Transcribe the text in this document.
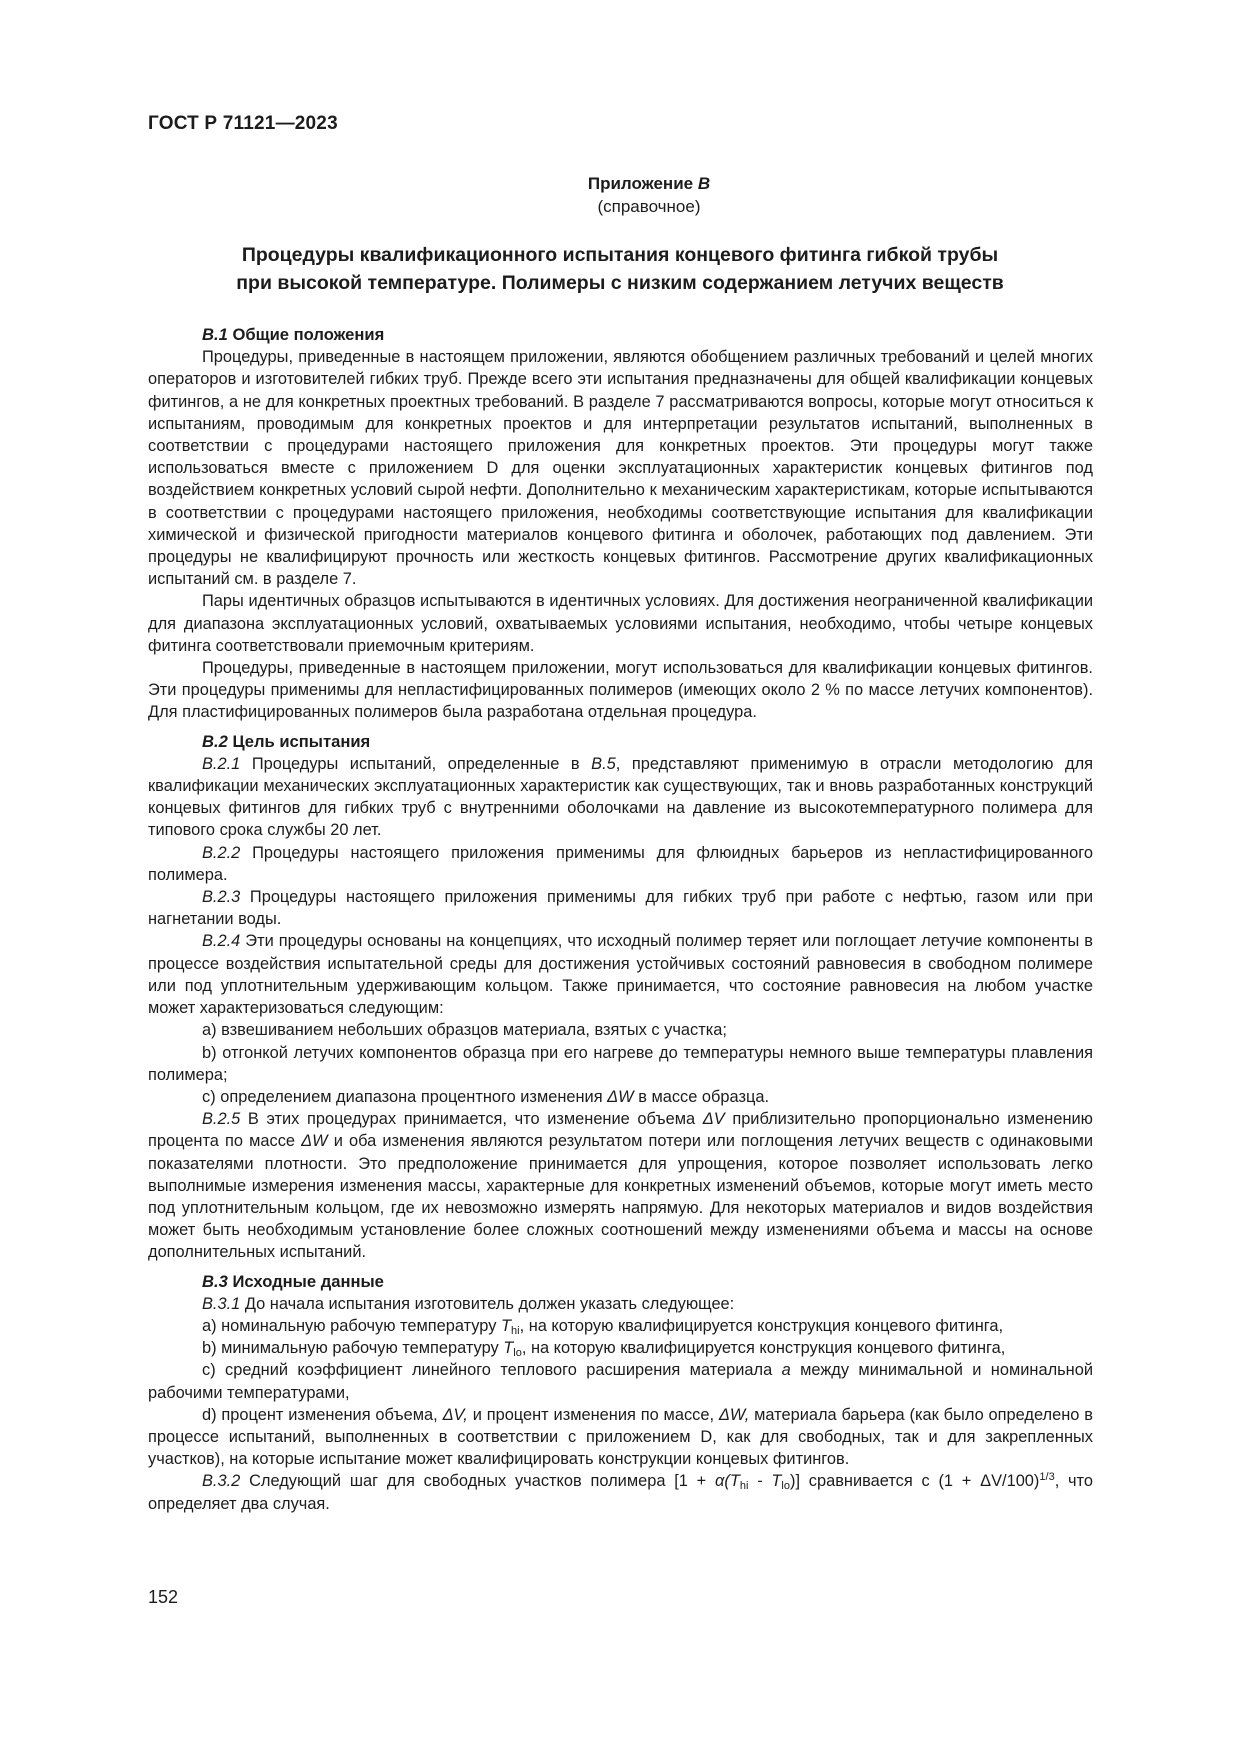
ГОСТ Р 71121—2023
Приложение В
(справочное)
Процедуры квалификационного испытания концевого фитинга гибкой трубы
при высокой температуре. Полимеры с низким содержанием летучих веществ
В.1 Общие положения

Процедуры, приведенные в настоящем приложении, являются обобщением различных требований и целей многих операторов и изготовителей гибких труб. Прежде всего эти испытания предназначены для общей квалификации концевых фитингов, а не для конкретных проектных требований. В разделе 7 рассматриваются вопросы, которые могут относиться к испытаниям, проводимым для конкретных проектов и для интерпретации результатов испытаний, выполненных в соответствии с процедурами настоящего приложения для конкретных проектов. Эти процедуры могут также использоваться вместе с приложением D для оценки эксплуатационных характеристик концевых фитингов под воздействием конкретных условий сырой нефти. Дополнительно к механическим характеристикам, которые испытываются в соответствии с процедурами настоящего приложения, необходимы соответствующие испытания для квалификации химической и физической пригодности материалов концевого фитинга и оболочек, работающих под давлением. Эти процедуры не квалифицируют прочность или жесткость концевых фитингов. Рассмотрение других квалификационных испытаний см. в разделе 7.

Пары идентичных образцов испытываются в идентичных условиях. Для достижения неограниченной квалификации для диапазона эксплуатационных условий, охватываемых условиями испытания, необходимо, чтобы четыре концевых фитинга соответствовали приемочным критериям.

Процедуры, приведенные в настоящем приложении, могут использоваться для квалификации концевых фитингов. Эти процедуры применимы для непластифицированных полимеров (имеющих около 2 % по массе летучих компонентов). Для пластифицированных полимеров была разработана отдельная процедура.

В.2 Цель испытания

В.2.1 Процедуры испытаний, определенные в В.5, представляют применимую в отрасли методологию для квалификации механических эксплуатационных характеристик как существующих, так и вновь разработанных конструкций концевых фитингов для гибких труб с внутренними оболочками на давление из высокотемпературного полимера для типового срока службы 20 лет.

В.2.2 Процедуры настоящего приложения применимы для флюидных барьеров из непластифицированного полимера.

В.2.3 Процедуры настоящего приложения применимы для гибких труб при работе с нефтью, газом или при нагнетании воды.

В.2.4 Эти процедуры основаны на концепциях, что исходный полимер теряет или поглощает летучие компоненты в процессе воздействия испытательной среды для достижения устойчивых состояний равновесия в свободном полимере или под уплотнительным удерживающим кольцом. Также принимается, что состояние равновесия на любом участке может характеризоваться следующим:

a) взвешиванием небольших образцов материала, взятых с участка;

b) отгонкой летучих компонентов образца при его нагреве до температуры немного выше температуры плавления полимера;

c) определением диапазона процентного изменения ΔW в массе образца.

В.2.5 В этих процедурах принимается, что изменение объема ΔV приблизительно пропорционально изменению процента по массе ΔW и оба изменения являются результатом потери или поглощения летучих веществ с одинаковыми показателями плотности. Это предположение принимается для упрощения, которое позволяет использовать легко выполнимые измерения изменения массы, характерные для конкретных изменений объемов, которые могут иметь место под уплотнительным кольцом, где их невозможно измерять напрямую. Для некоторых материалов и видов воздействия может быть необходимым установление более сложных соотношений между изменениями объема и массы на основе дополнительных испытаний.

В.3 Исходные данные

В.3.1 До начала испытания изготовитель должен указать следующее:

a) номинальную рабочую температуру $T_{hi}$, на которую квалифицируется конструкция концевого фитинга,

b) минимальную рабочую температуру $T_{lo}$, на которую квалифицируется конструкция концевого фитинга,

c) средний коэффициент линейного теплового расширения материала a между минимальной и номинальной рабочими температурами,

d) процент изменения объема, ΔV, и процент изменения по массе, ΔW, материала барьера (как было определено в процессе испытаний, выполненных в соответствии с приложением D, как для свободных, так и для закрепленных участков), на которые испытание может квалифицировать конструкции концевых фитингов.

В.3.2 Следующий шаг для свободных участков полимера $[1 + \alpha(T_{hi} - T_{lo})]$ сравнивается с $(1 + \Delta V/100)^{1/3}$, что определяет два случая.

152
